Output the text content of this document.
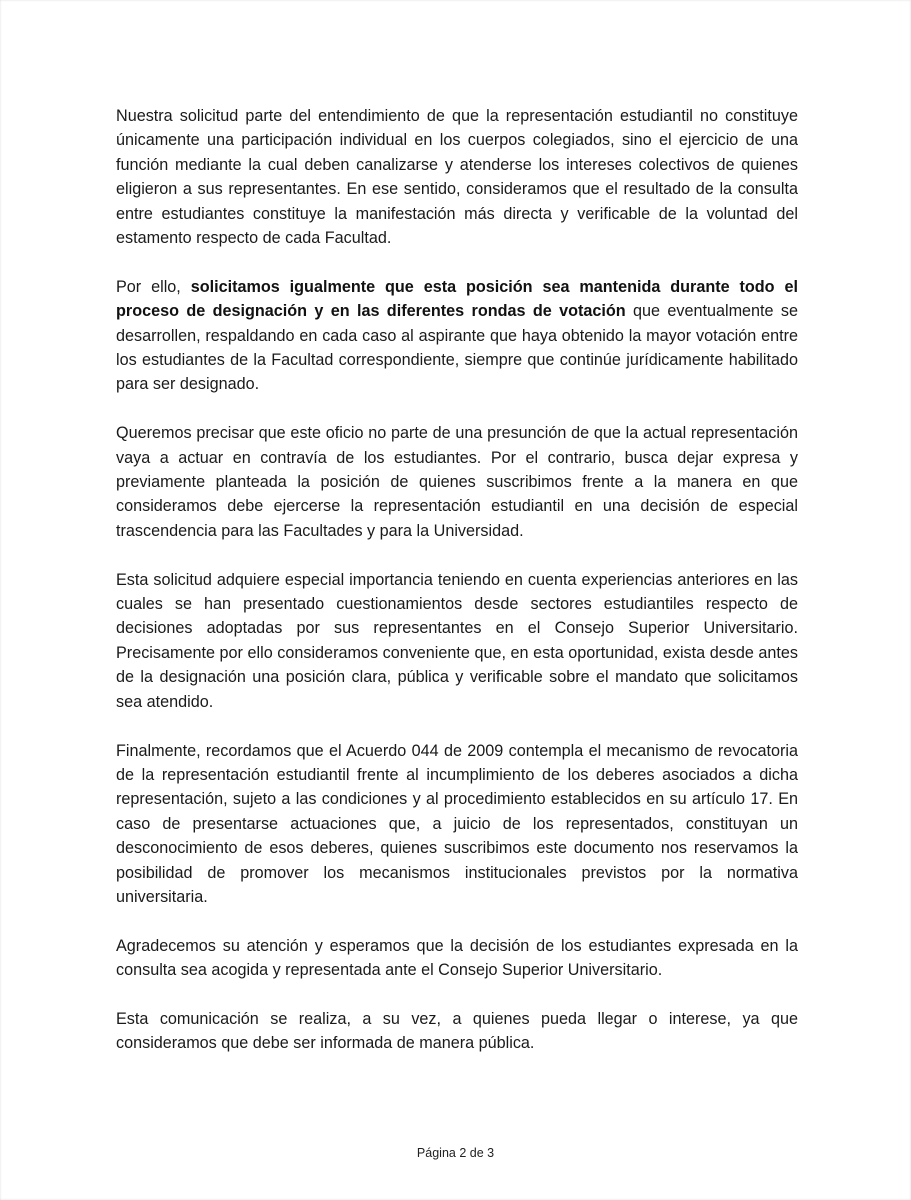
Nuestra solicitud parte del entendimiento de que la representación estudiantil no constituye únicamente una participación individual en los cuerpos colegiados, sino el ejercicio de una función mediante la cual deben canalizarse y atenderse los intereses colectivos de quienes eligieron a sus representantes. En ese sentido, consideramos que el resultado de la consulta entre estudiantes constituye la manifestación más directa y verificable de la voluntad del estamento respecto de cada Facultad.

Por ello, solicitamos igualmente que esta posición sea mantenida durante todo el proceso de designación y en las diferentes rondas de votación que eventualmente se desarrollen, respaldando en cada caso al aspirante que haya obtenido la mayor votación entre los estudiantes de la Facultad correspondiente, siempre que continúe jurídicamente habilitado para ser designado.

Queremos precisar que este oficio no parte de una presunción de que la actual representación vaya a actuar en contravía de los estudiantes. Por el contrario, busca dejar expresa y previamente planteada la posición de quienes suscribimos frente a la manera en que consideramos debe ejercerse la representación estudiantil en una decisión de especial trascendencia para las Facultades y para la Universidad.

Esta solicitud adquiere especial importancia teniendo en cuenta experiencias anteriores en las cuales se han presentado cuestionamientos desde sectores estudiantiles respecto de decisiones adoptadas por sus representantes en el Consejo Superior Universitario. Precisamente por ello consideramos conveniente que, en esta oportunidad, exista desde antes de la designación una posición clara, pública y verificable sobre el mandato que solicitamos sea atendido.

Finalmente, recordamos que el Acuerdo 044 de 2009 contempla el mecanismo de revocatoria de la representación estudiantil frente al incumplimiento de los deberes asociados a dicha representación, sujeto a las condiciones y al procedimiento establecidos en su artículo 17. En caso de presentarse actuaciones que, a juicio de los representados, constituyan un desconocimiento de esos deberes, quienes suscribimos este documento nos reservamos la posibilidad de promover los mecanismos institucionales previstos por la normativa universitaria.

Agradecemos su atención y esperamos que la decisión de los estudiantes expresada en la consulta sea acogida y representada ante el Consejo Superior Universitario.

Esta comunicación se realiza, a su vez, a quienes pueda llegar o interese, ya que consideramos que debe ser informada de manera pública.

Página 2 de 3
